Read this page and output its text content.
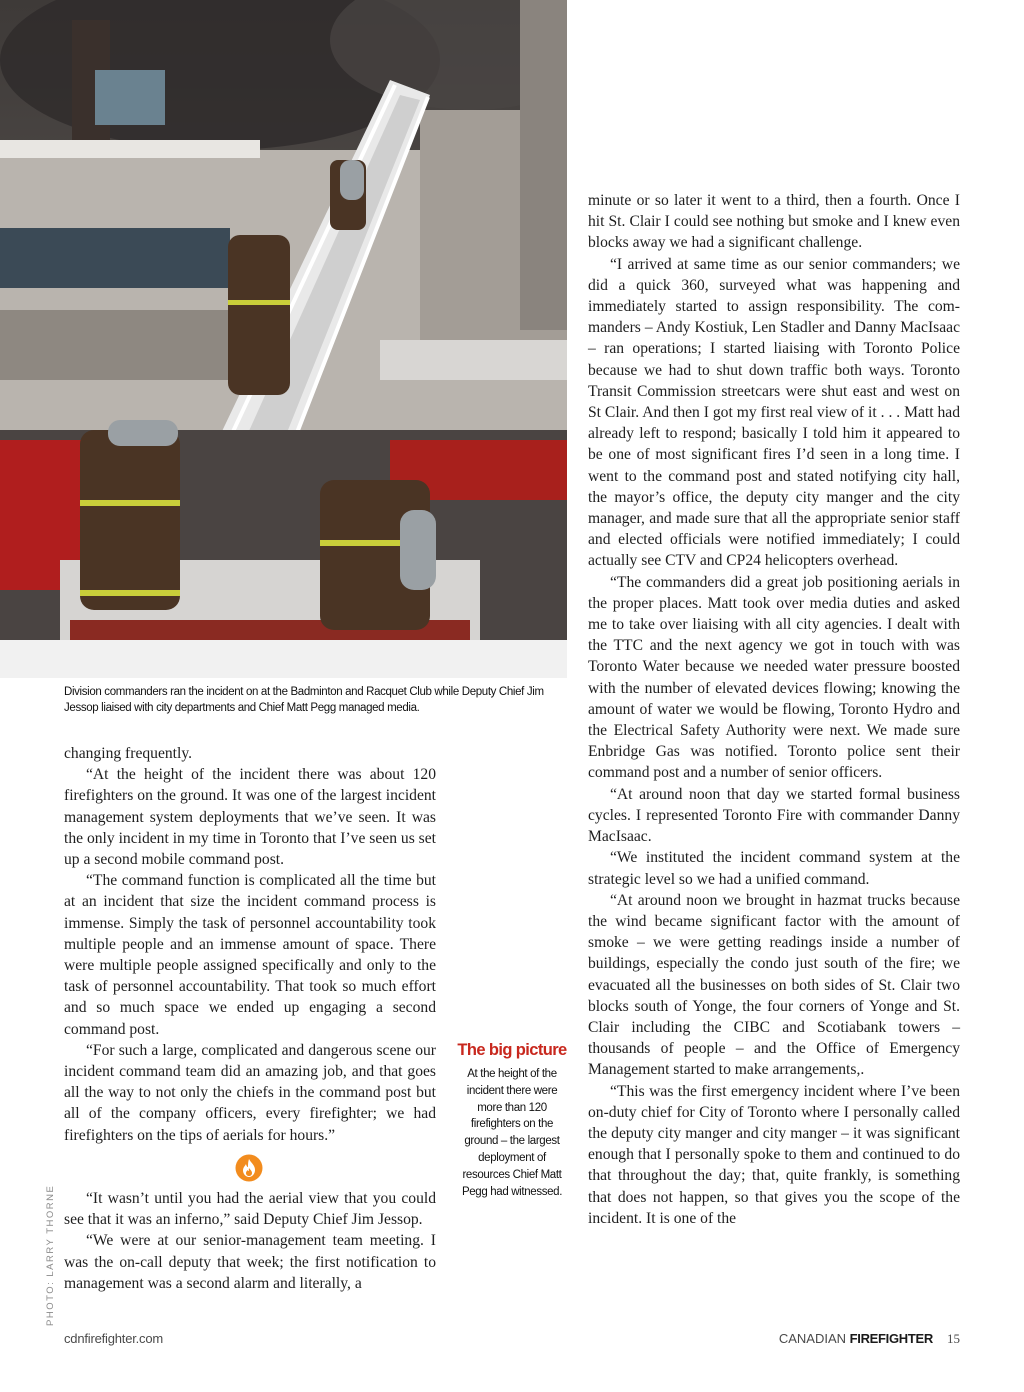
Division commanders ran the incident on at the Badminton and Racquet Club while Deputy Chief Jim Jessop liaised with city departments and Chief Matt Pegg managed media.

changing frequently.

“At the height of the incident there was about 120 firefighters on the ground. It was one of the largest incident management system deployments that we’ve seen. It was the only incident in my time in Toronto that I’ve seen us set up a second mobile command post.

“The command function is complicated all the time but at an incident that size the incident command process is immense. Simply the task of personnel accountability took multiple people and an immense amount of space. There were multiple people assigned specifically and only to the task of personnel accountability. That took so much effort and so much space we ended up engaging a second command post.

“For such a large, complicated and dangerous scene our incident command team did an amazing job, and that goes all the way to not only the chiefs in the command post but all of the company officers, every firefighter; we had firefighters on the tips of aerials for hours.”

“It wasn’t until you had the aerial view that you could see that it was an inferno,” said Deputy Chief Jim Jessop.

“We were at our senior-management team meeting. I was the on-call deputy that week; the first notification to management was a second alarm and literally, a

The big picture
At the height of the incident there were more than 120 firefighters on the ground – the largest deployment of resources Chief Matt Pegg had witnessed.

minute or so later it went to a third, then a fourth. Once I hit St. Clair I could see nothing but smoke and I knew even blocks away we had a significant challenge.

“I arrived at same time as our senior commanders; we did a quick 360, surveyed what was happening and immediately started to assign responsibility. The commanders – Andy Kostiuk, Len Stadler and Danny MacIsaac – ran operations; I started liaising with Toronto Police because we had to shut down traffic both ways. Toronto Transit Commission streetcars were shut east and west on St Clair. And then I got my first real view of it . . . Matt had already left to respond; basically I told him it appeared to be one of most significant fires I’d seen in a long time. I went to the command post and stated notifying city hall, the mayor’s office, the deputy city manger and the city manager, and made sure that all the appropriate senior staff and elected officials were notified immediately; I could actually see CTV and CP24 helicopters overhead.

“The commanders did a great job positioning aerials in the proper places. Matt took over media duties and asked me to take over liaising with all city agencies. I dealt with the TTC and the next agency we got in touch with was Toronto Water because we needed water pressure boosted with the number of elevated devices flowing; knowing the amount of water we would be flowing, Toronto Hydro and the Electrical Safety Authority were next. We made sure Enbridge Gas was notified. Toronto police sent their command post and a number of senior officers.

“At around noon that day we started formal business cycles. I represented Toronto Fire with commander Danny MacIsaac.

“We instituted the incident command system at the strategic level so we had a unified command.

“At around noon we brought in hazmat trucks because the wind became significant factor with the amount of smoke – we were getting readings inside a number of buildings, especially the condo just south of the fire; we evacuated all the businesses on both sides of St. Clair two blocks south of Yonge, the four corners of Yonge and St. Clair including the CIBC and Scotiabank towers – thousands of people – and the Office of Emergency Management started to make arrangements,.

“This was the first emergency incident where I’ve been on-duty chief for City of Toronto where I personally called the deputy city manger and city manger – it was significant enough that I personally spoke to them and continued to do that throughout the day; that, quite frankly, is something that does not happen, so that gives you the scope of the incident. It is one of the

PHOTO: LARRY THORNE
cdnfirefighter.com	CANADIAN FIREFIGHTER 15
